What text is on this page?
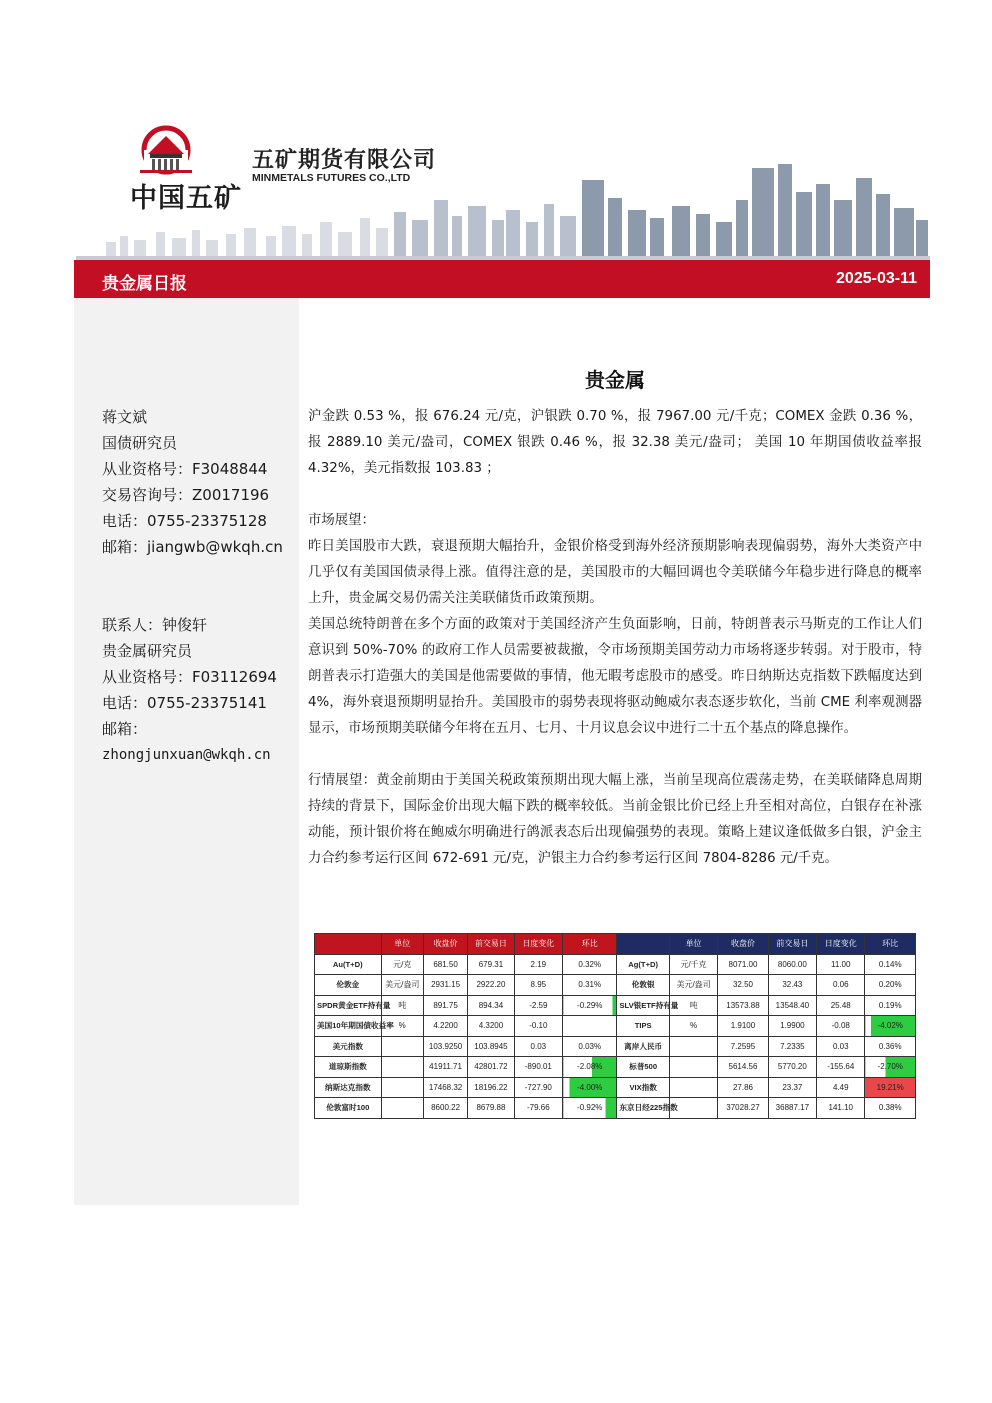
中国五矿
五矿期货有限公司
MINMETALS FUTURES CO.,LTD
贵金属日报	2025-03-11
蒋文斌
国债研究员
从业资格号：F3048844
交易咨询号：Z0017196
电话：0755-23375128
邮箱：jiangwb@wkqh.cn
联系人：钟俊轩
贵金属研究员
从业资格号：F03112694
电话：0755-23375141
邮箱：
zhongjunxuan@wkqh.cn
贵金属
沪金跌 0.53 %，报 676.24 元/克，沪银跌 0.70 %，报 7967.00 元/千克；COMEX 金跌 0.36 %，报 2889.10 美元/盎司，COMEX 银跌 0.46 %，报 32.38 美元/盎司； 美国 10 年期国债收益率报 4.32%，美元指数报 103.83 ；
市场展望：
昨日美国股市大跌，衰退预期大幅抬升，金银价格受到海外经济预期影响表现偏弱势，海外大类资产中几乎仅有美国国债录得上涨。值得注意的是，美国股市的大幅回调也令美联储今年稳步进行降息的概率上升，贵金属交易仍需关注美联储货币政策预期。
美国总统特朗普在多个方面的政策对于美国经济产生负面影响，日前，特朗普表示马斯克的工作让人们意识到 50%-70% 的政府工作人员需要被裁撤，令市场预期美国劳动力市场将逐步转弱。对于股市，特朗普表示打造强大的美国是他需要做的事情，他无暇考虑股市的感受。昨日纳斯达克指数下跌幅度达到 4%，海外衰退预期明显抬升。美国股市的弱势表现将驱动鲍威尔表态逐步软化，当前 CME 利率观测器显示，市场预期美联储今年将在五月、七月、十月议息会议中进行二十五个基点的降息操作。
行情展望：黄金前期由于美国关税政策预期出现大幅上涨，当前呈现高位震荡走势，在美联储降息周期持续的背景下，国际金价出现大幅下跌的概率较低。当前金银比价已经上升至相对高位，白银存在补涨动能，预计银价将在鲍威尔明确进行鸽派表态后出现偏强势的表现。策略上建议逢低做多白银，沪金主力合约参考运行区间 672-691 元/克，沪银主力合约参考运行区间 7804-8286 元/千克。
	单位	收盘价	前交易日	日度变化	环比		单位	收盘价	前交易日	日度变化	环比
Au(T+D)	元/克	681.50	679.31	2.19	0.32%	Ag(T+D)	元/千克	8071.00	8060.00	11.00	0.14%
伦敦金	美元/盎司	2931.15	2922.20	8.95	0.31%	伦敦银	美元/盎司	32.50	32.43	0.06	0.20%
SPDR黄金ETF持有量	吨	891.75	894.34	-2.59	-0.29%	SLV银ETF持有量	吨	13573.88	13548.40	25.48	0.19%
美国10年期国债收益率	%	4.2200	4.3200	-0.10		TIPS	%	1.9100	1.9900	-0.08	-4.02%
美元指数		103.9250	103.8945	0.03	0.03%	离岸人民币		7.2595	7.2335	0.03	0.36%
道琼斯指数		41911.71	42801.72	-890.01	-2.08%	标普500		5614.56	5770.20	-155.64	-2.70%
纳斯达克指数		17468.32	18196.22	-727.90	-4.00%	VIX指数		27.86	23.37	4.49	19.21%
伦敦富时100		8600.22	8679.88	-79.66	-0.92%	东京日经225指数		37028.27	36887.17	141.10	0.38%
